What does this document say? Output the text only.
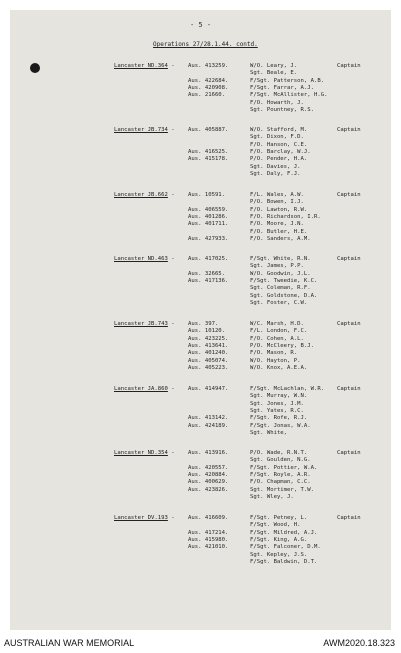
- 5 -
Operations 27/28.1.44. contd.
Lancaster ND.364 -	Captain
Aus. 413259.	W/O. Leary, J.
Sgt. Beale, E.
Aus. 422684.	F/Sgt. Patterson, A.B.
Aus. 420908.	F/Sgt. Farrar, A.J.
Aus. 21660.	F/Sgt. McAllister, H.G.
F/O. Howarth, J.
Sgt. Pountney, R.S.
Lancaster JB.734 -	Captain
Aus. 405887.	W/O. Stafford, M.
Sgt. Dixon, F.D.
F/O. Hanson, C.E.
Aus. 416525.	F/O. Barclay, W.J.
Aus. 415178.	P/O. Pender, H.A.
Sgt. Davies, J.
Sgt. Daly, F.J.
Lancaster JB.662 -	Captain
Aus. 10591.	F/L. Wales, A.W.
P/O. Bowen, I.J.
Aus. 406559.	F/O. Lawton, R.W.
Aus. 401286.	F/O. Richardson, I.R.
Aus. 401711.	F/O. Moore, J.N.
F/O. Butler, H.E.
Aus. 427933.	F/O. Sanders, A.M.
Lancaster ND.463 -	Captain
Aus. 417025.	F/Sgt. White, R.N.
Sgt. James, P.P.
Aus. 32665.	W/O. Goodwin, J.L.
Aus. 417136.	F/Sgt. Tweedie, K.C.
Sgt. Coleman, R.F.
Sgt. Goldstone, D.A.
Sgt. Foster, C.W.
Lancaster JB.743 -	Captain
Aus. 397.	W/C. Marsh, H.D.
Aus. 10120.	F/L. London, F.C.
Aus. 423225.	F/O. Cohen, A.L.
Aus. 413641.	P/O. McCleery, B.J.
Aus. 401240.	F/O. Mason, R.
Aus. 405074.	W/O. Hayton, P.
Aus. 405223.	W/O. Knox, A.E.A.
Lancaster JA.860 -	Captain
Aus. 414947.	F/Sgt. McLachlan, W.R.
Sgt. Murray, W.N.
Sgt. Jones, J.M.
Sgt. Yates, R.C.
Aus. 413142.	F/Sgt. Rofe, R.J.
Aus. 424189.	F/Sgt. Jonas, W.A.
Sgt. White,
Lancaster ND.354 -	Captain
Aus. 413916.	P/O. Wade, R.N.T.
Sgt. Goulden, N.G.
Aus. 420557.	F/Sgt. Pottier, W.A.
Aus. 420884.	F/Sgt. Royle, A.R.
Aus. 400629.	F/O. Chapman, C.C.
Aus. 423826.	Sgt. Mortimer, T.W.
Sgt. Wley, J.
Lancaster DV.193 -	Captain
Aus. 416609.	F/Sgt. Petney, L.
F/Sgt. Wood, H.
Aus. 417214.	F/Sgt. Mildred, A.J.
Aus. 415980.	F/Sgt. King, A.G.
Aus. 421010.	F/Sgt. Falconer, D.M.
Sgt. Kepley, J.S.
F/Sgt. Baldwin, D.T.
AUSTRALIAN WAR MEMORIAL	AWM2020.18.323
